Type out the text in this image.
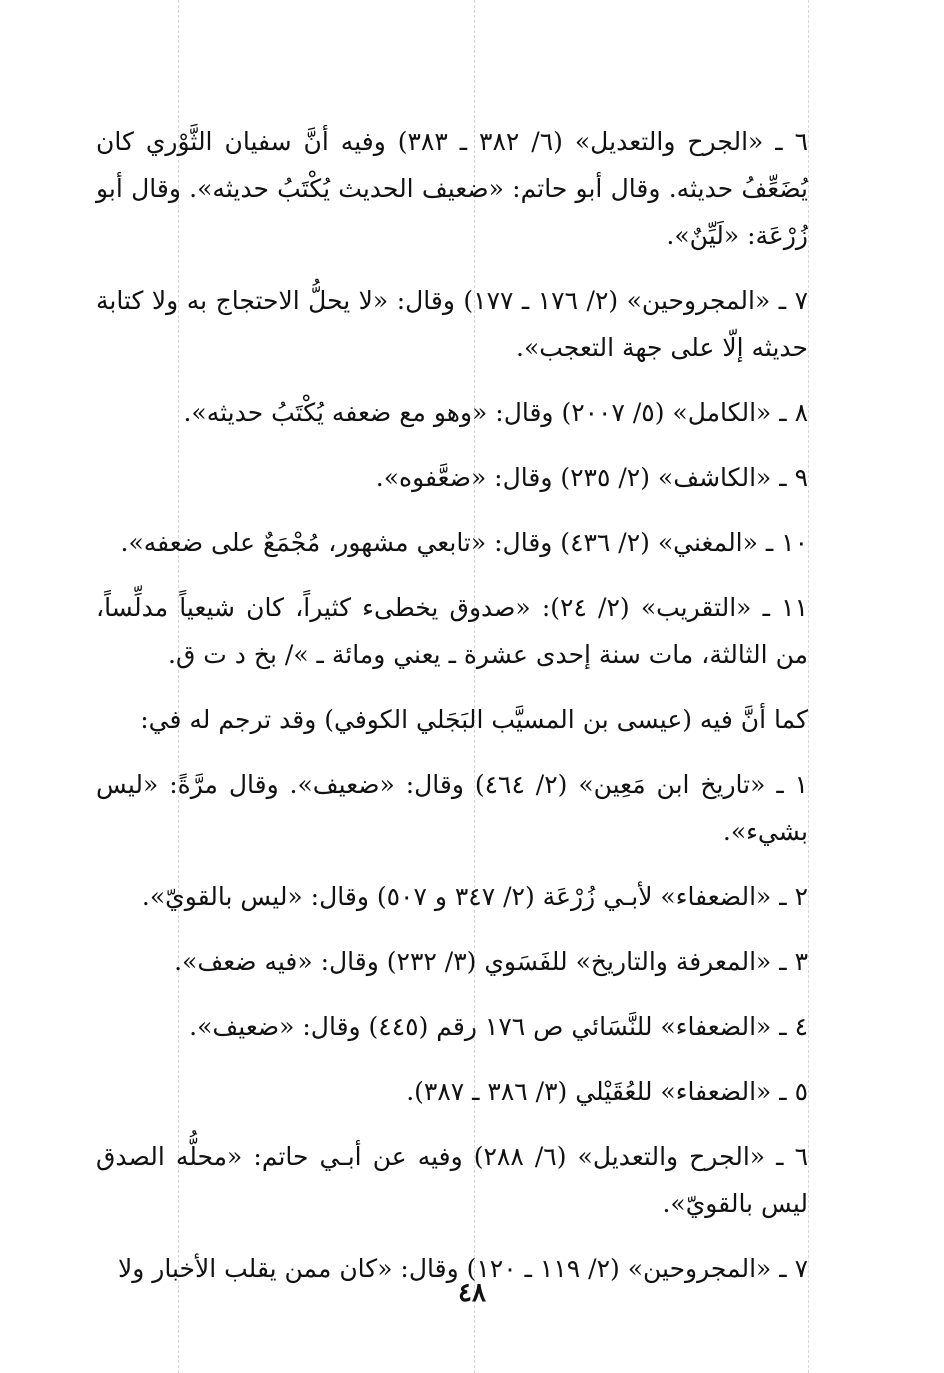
٦ ـ «الجرح والتعديل» (٦/ ٣٨٢ ـ ٣٨٣) وفيه أنَّ سفيان الثَّوْري كان يُضَعِّفُ حديثه. وقال أبو حاتم: «ضعيف الحديث يُكْتَبُ حديثه». وقال أبو زُرْعَة: «لَيِّنٌ».

٧ ـ «المجروحين» (٢/ ١٧٦ ـ ١٧٧) وقال: «لا يحلُّ الاحتجاج به ولا كتابة حديثه إلّا على جهة التعجب».

٨ ـ «الكامل» (٥/ ٢٠٠٧) وقال: «وهو مع ضعفه يُكْتَبُ حديثه».

٩ ـ «الكاشف» (٢/ ٢٣٥) وقال: «ضعَّفوه».

١٠ ـ «المغني» (٢/ ٤٣٦) وقال: «تابعي مشهور، مُجْمَعٌ على ضعفه».

١١ ـ «التقريب» (٢/ ٢٤): «صدوق يخطىء كثيراً، كان شيعياً مدلِّساً، من الثالثة، مات سنة إحدى عشرة ـ يعني ومائة ـ »/ بخ د ت ق.

كما أنَّ فيه (عيسى بن المسيَّب البَجَلي الكوفي) وقد ترجم له في:

١ ـ «تاريخ ابن مَعِين» (٢/ ٤٦٤) وقال: «ضعيف». وقال مرَّةً: «ليس بشيء».

٢ ـ «الضعفاء» لأبـي زُرْعَة (٢/ ٣٤٧ و ٥٠٧) وقال: «ليس بالقويّ».

٣ ـ «المعرفة والتاريخ» للفَسَوي (٣/ ٢٣٢) وقال: «فيه ضعف».

٤ ـ «الضعفاء» للنَّسَائي ص ١٧٦ رقم (٤٤٥) وقال: «ضعيف».

٥ ـ «الضعفاء» للعُقَيْلي (٣/ ٣٨٦ ـ ٣٨٧).

٦ ـ «الجرح والتعديل» (٦/ ٢٨٨) وفيه عن أبـي حاتم: «محلُّه الصدق ليس بالقويّ».

٧ ـ «المجروحين» (٢/ ١١٩ ـ ١٢٠) وقال: «كان ممن يقلب الأخبار ولا

٤٨
